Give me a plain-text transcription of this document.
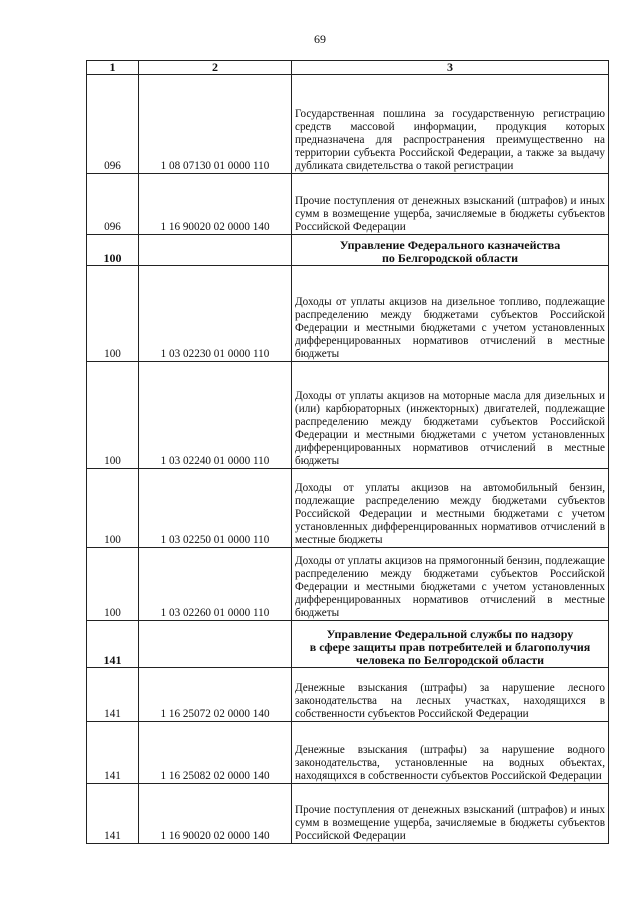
69
1	2	3
096	1 08 07130 01 0000 110	Государственная пошлина за государственную регистрацию средств массовой информации, продукция которых предназначена для распространения преимущественно на территории субъекта Российской Федерации, а также за выдачу дубликата свидетельства о такой регистрации
096	1 16 90020 02 0000 140	Прочие поступления от денежных взысканий (штрафов) и иных сумм в возмещение ущерба, зачисляемые в бюджеты субъектов Российской Федерации
100		Управление Федерального казначейства
по Белгородской области

100	1 03 02230 01 0000 110	Доходы от уплаты акцизов на дизельное топливо, подлежащие распределению между бюджетами субъектов Российской Федерации и местными бюджетами с учетом установленных дифференцированных нормативов отчислений в местные бюджеты
100	1 03 02240 01 0000 110	Доходы от уплаты акцизов на моторные масла для дизельных и (или) карбюраторных (инжекторных) двигателей, подлежащие распределению между бюджетами субъектов Российской Федерации и местными бюджетами с учетом установленных дифференцированных нормативов отчислений в местные бюджеты
100	1 03 02250 01 0000 110	Доходы от уплаты акцизов на автомобильный бензин, подлежащие распределению между бюджетами субъектов Российской Федерации и местными бюджетами с учетом установленных дифференцированных нормативов отчислений в местные бюджеты
100	1 03 02260 01 0000 110	Доходы от уплаты акцизов на прямогонный бензин, подлежащие распределению между бюджетами субъектов Российской Федерации и местными бюджетами с учетом установленных дифференцированных нормативов отчислений в местные бюджеты
141		Управление Федеральной службы по надзору
в сфере защиты прав потребителей и благополучия
человека по Белгородской области

141	1 16 25072 02 0000 140	Денежные взыскания (штрафы) за нарушение лесного законодательства на лесных участках, находящихся в собственности субъектов Российской Федерации
141	1 16 25082 02 0000 140	Денежные взыскания (штрафы) за нарушение водного законодательства, установленные на водных объектах, находящихся в собственности субъектов Российской Федерации
141	1 16 90020 02 0000 140	Прочие поступления от денежных взысканий (штрафов) и иных сумм в возмещение ущерба, зачисляемые в бюджеты субъектов Российской Федерации
